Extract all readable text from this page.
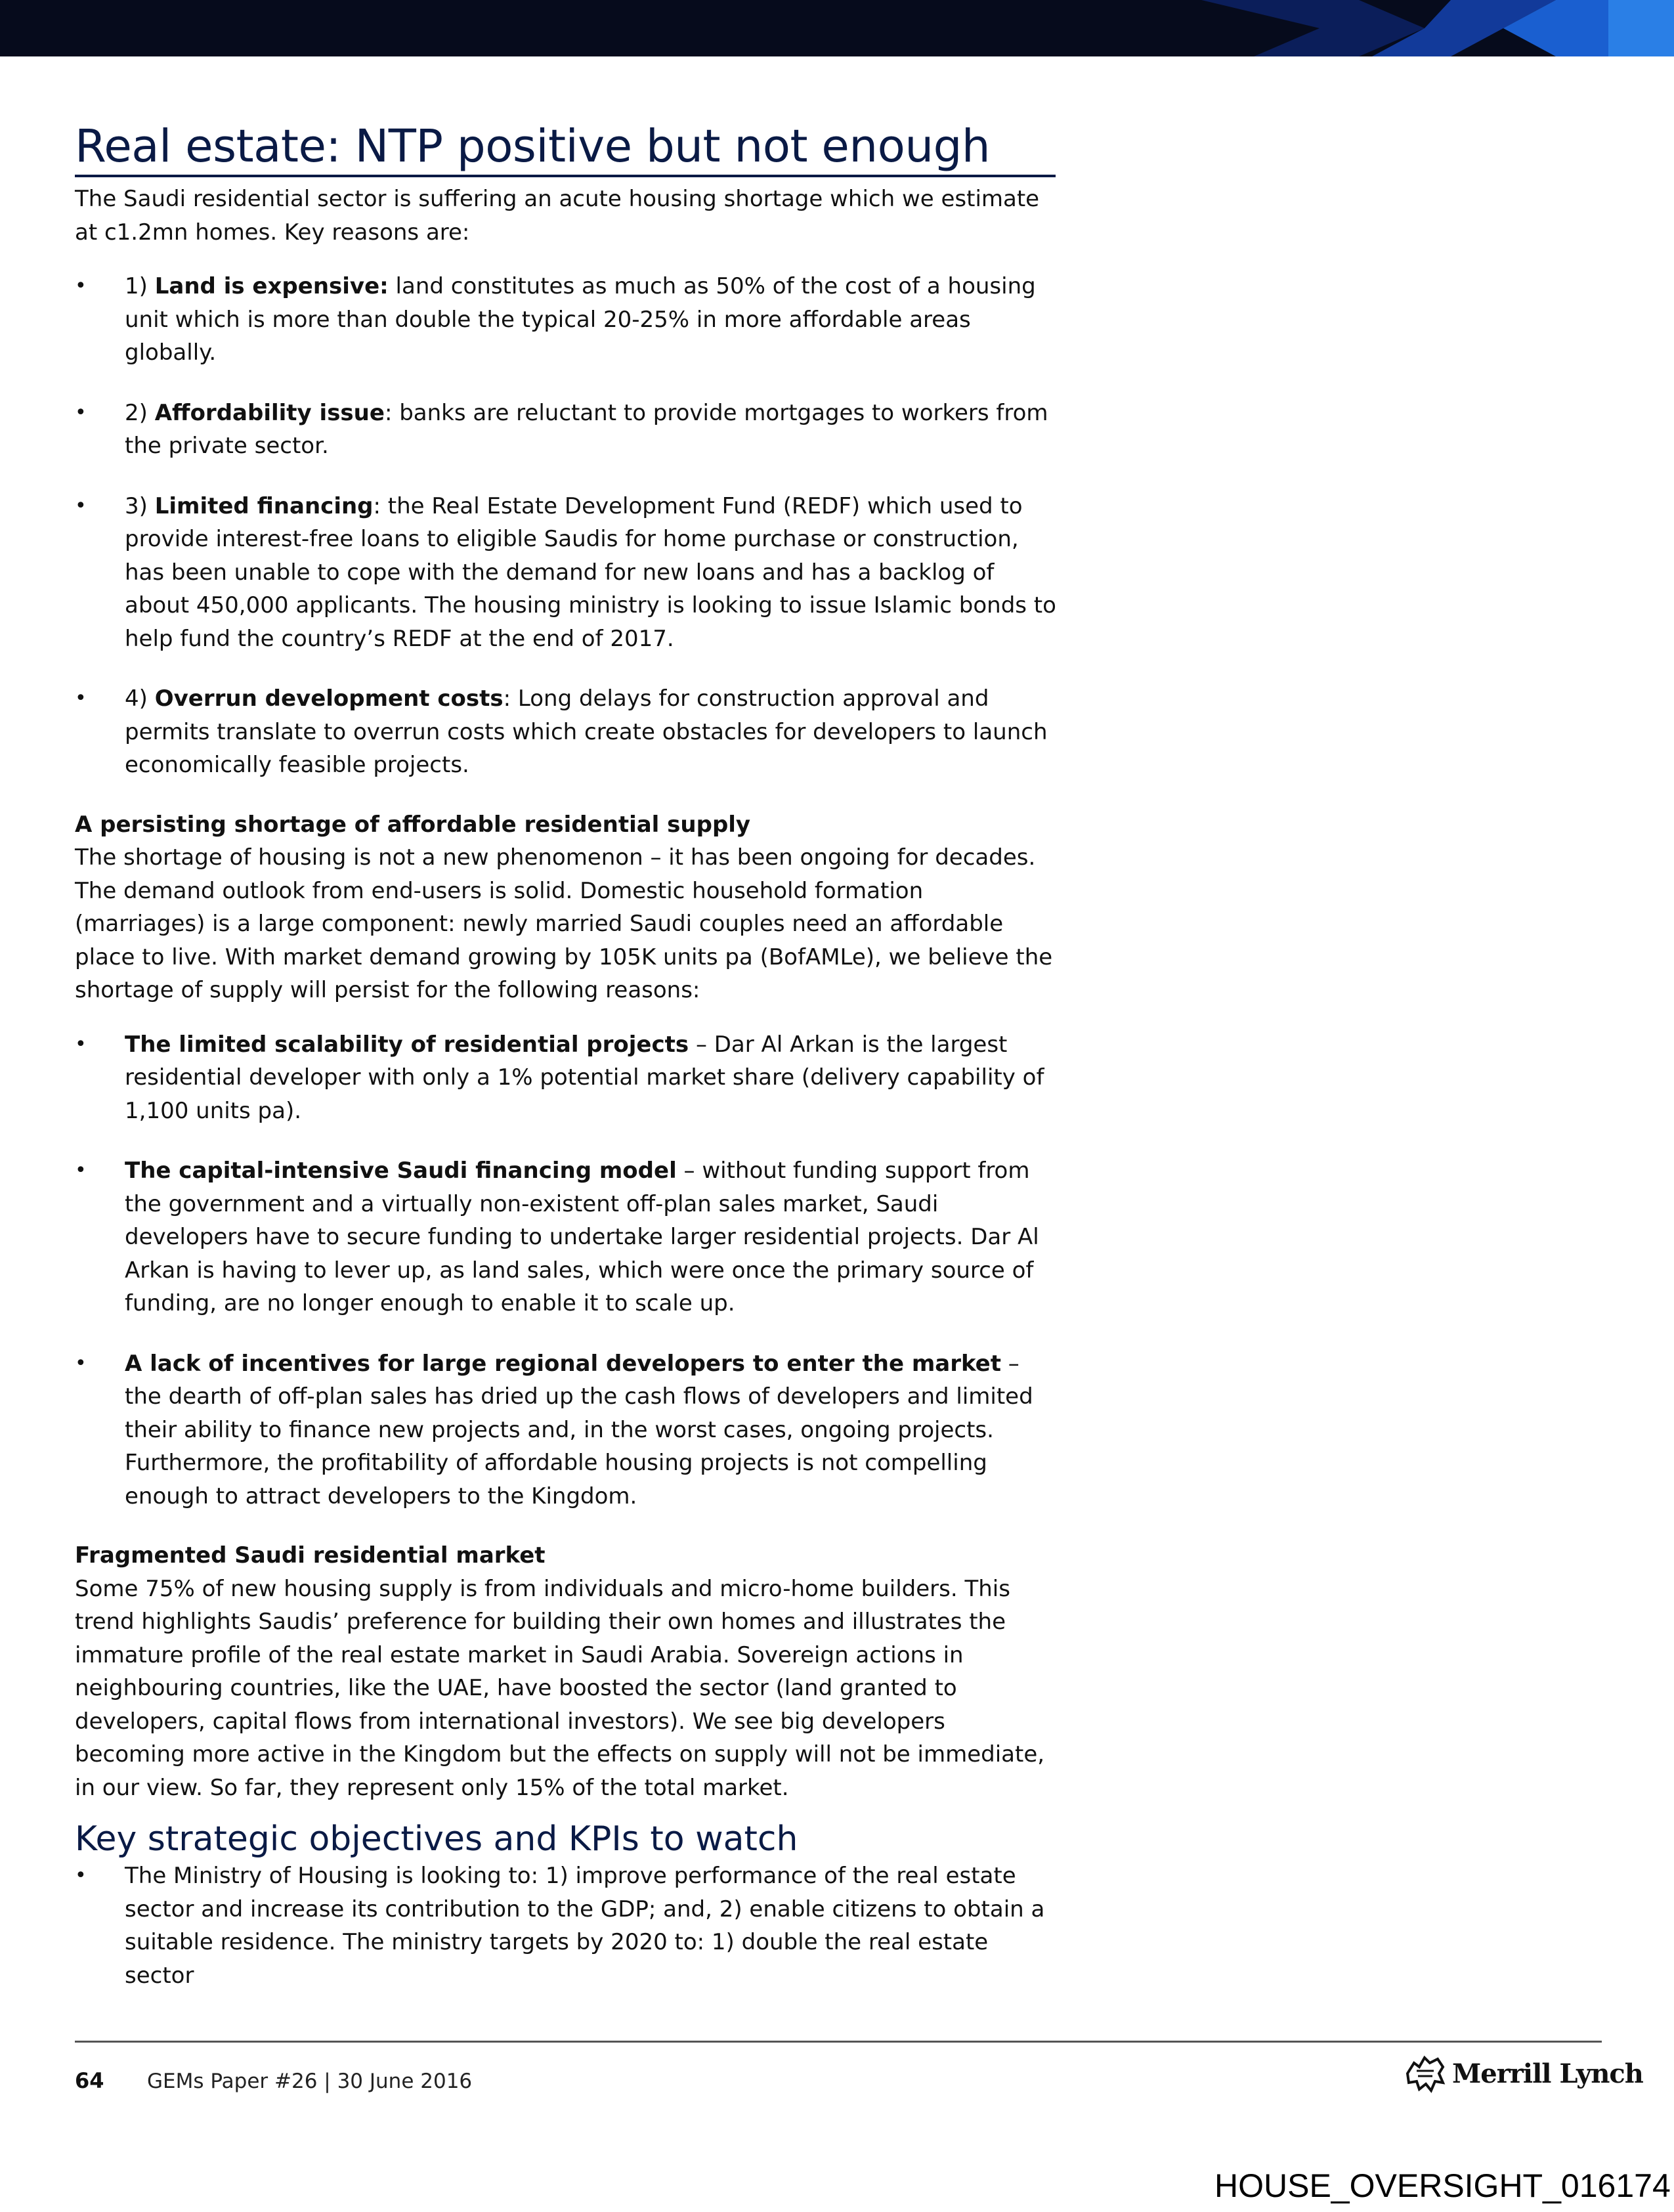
Real estate: NTP positive but not enough

The Saudi residential sector is suffering an acute housing shortage which we estimate at c1.2mn homes. Key reasons are:

• 1) Land is expensive: land constitutes as much as 50% of the cost of a housing unit which is more than double the typical 20-25% in more affordable areas globally.
• 2) Affordability issue: banks are reluctant to provide mortgages to workers from the private sector.
• 3) Limited financing: the Real Estate Development Fund (REDF) which used to provide interest-free loans to eligible Saudis for home purchase or construction, has been unable to cope with the demand for new loans and has a backlog of about 450,000 applicants. The housing ministry is looking to issue Islamic bonds to help fund the country’s REDF at the end of 2017.
• 4) Overrun development costs: Long delays for construction approval and permits translate to overrun costs which create obstacles for developers to launch economically feasible projects.
A persisting shortage of affordable residential supply

The shortage of housing is not a new phenomenon – it has been ongoing for decades. The demand outlook from end-users is solid. Domestic household formation (marriages) is a large component: newly married Saudi couples need an affordable place to live. With market demand growing by 105K units pa (BofAMLe), we believe the shortage of supply will persist for the following reasons:

• The limited scalability of residential projects – Dar Al Arkan is the largest residential developer with only a 1% potential market share (delivery capability of 1,100 units pa).
• The capital-intensive Saudi financing model – without funding support from the government and a virtually non-existent off-plan sales market, Saudi developers have to secure funding to undertake larger residential projects. Dar Al Arkan is having to lever up, as land sales, which were once the primary source of funding, are no longer enough to enable it to scale up.
• A lack of incentives for large regional developers to enter the market – the dearth of off-plan sales has dried up the cash flows of developers and limited their ability to finance new projects and, in the worst cases, ongoing projects. Furthermore, the profitability of affordable housing projects is not compelling enough to attract developers to the Kingdom.
Fragmented Saudi residential market

Some 75% of new housing supply is from individuals and micro-home builders. This trend highlights Saudis’ preference for building their own homes and illustrates the immature profile of the real estate market in Saudi Arabia. Sovereign actions in neighbouring countries, like the UAE, have boosted the sector (land granted to developers, capital flows from international investors). We see big developers becoming more active in the Kingdom but the effects on supply will not be immediate, in our view. So far, they represent only 15% of the total market.

Key strategic objectives and KPIs to watch
• The Ministry of Housing is looking to: 1) improve performance of the real estate sector and increase its contribution to the GDP; and, 2) enable citizens to obtain a suitable residence. The ministry targets by 2020 to: 1) double the real estate sector
64 GEMs Paper #26 | 30 June 2016	Merrill Lynch
HOUSE_OVERSIGHT_016174
